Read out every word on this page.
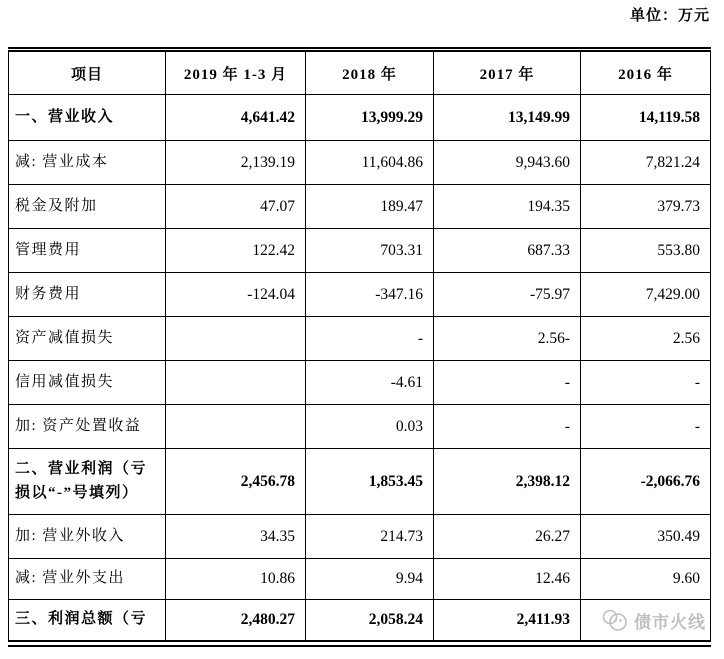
单位：万元
项目	2019 年 1-3 月	2018 年	2017 年	2016 年
一、营业收入	4,641.42	13,999.29	13,149.99	14,119.58
减: 营业成本	2,139.19	11,604.86	9,943.60	7,821.24
税金及附加	47.07	189.47	194.35	379.73
管理费用	122.42	703.31	687.33	553.80
财务费用	-124.04	-347.16	-75.97	7,429.00
资产减值损失		-	2.56-	2.56
信用减值损失		-4.61	-	-
加: 资产处置收益		0.03	-	-
二、营业利润（亏损以“-”号填列）	2,456.78	1,853.45	2,398.12	-2,066.76
加: 营业外收入	34.35	214.73	26.27	350.49
减: 营业外支出	10.86	9.94	12.46	9.60
三、利润总额（亏	2,480.27	2,058.24	2,411.93	债市火线
